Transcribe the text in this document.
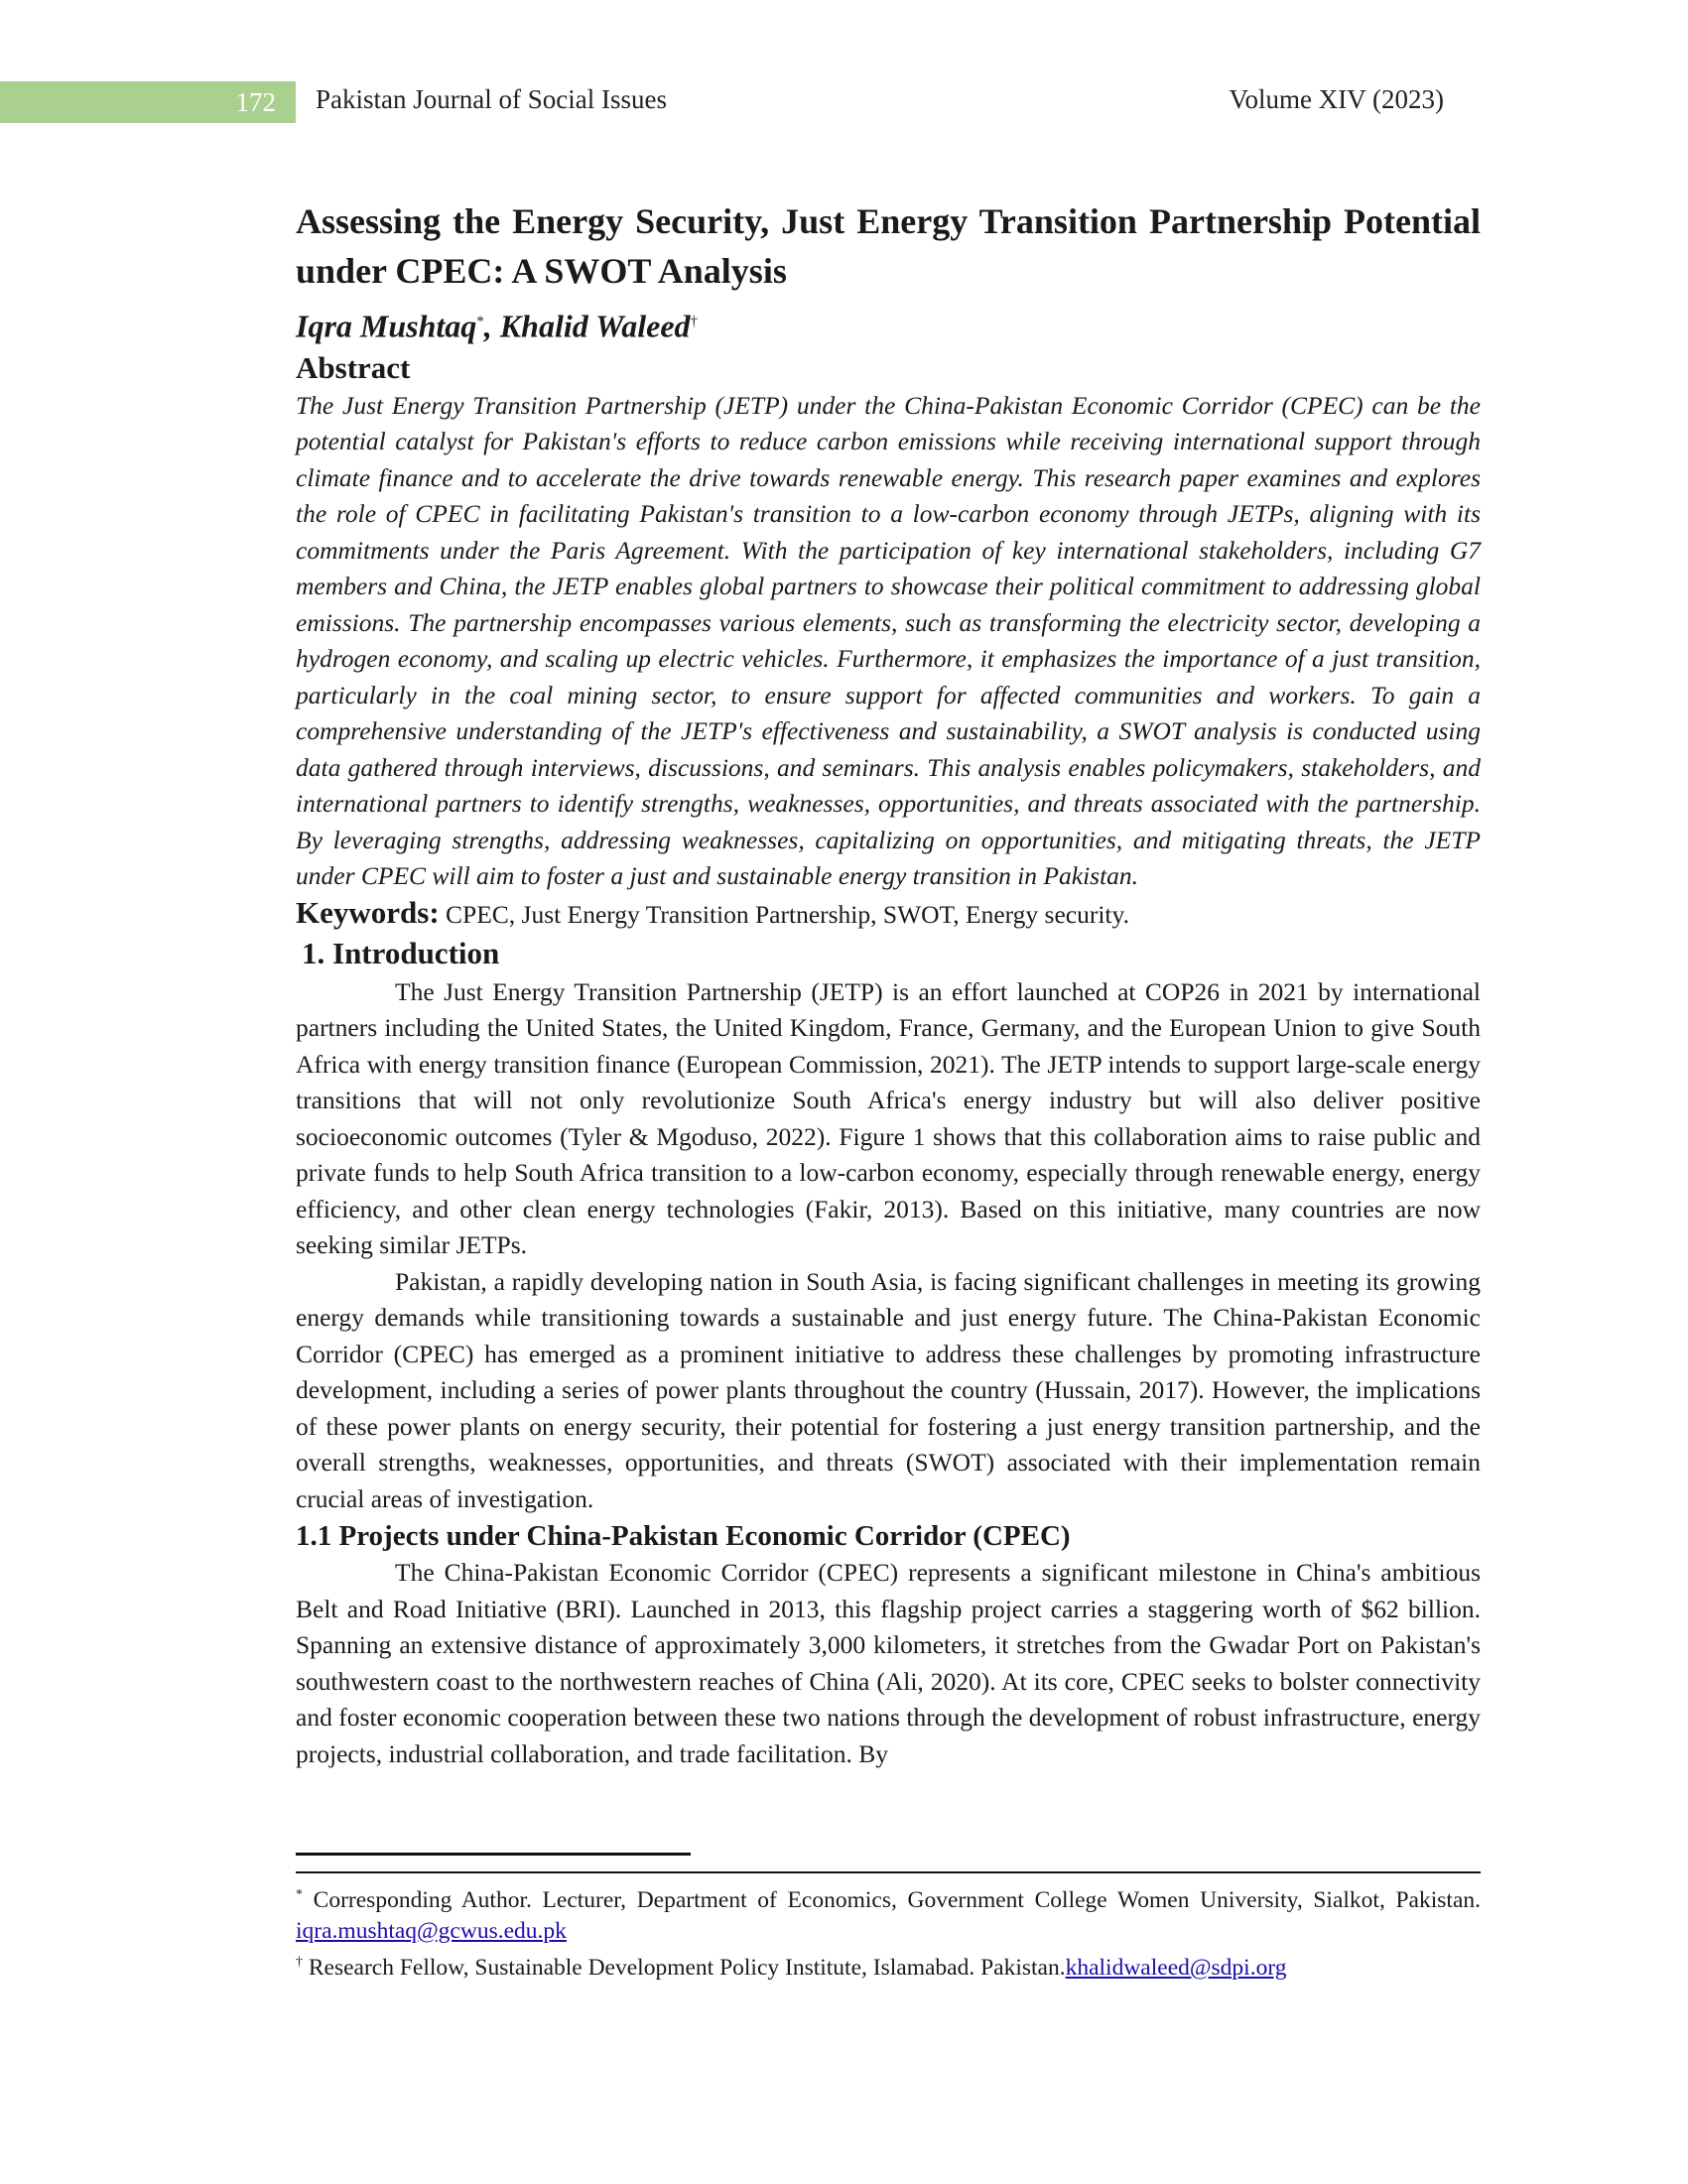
172	Pakistan Journal of Social Issues	Volume XIV (2023)
Assessing the Energy Security, Just Energy Transition Partnership Potential under CPEC: A SWOT Analysis

Iqra Mushtaq*, Khalid Waleed†

Abstract

The Just Energy Transition Partnership (JETP) under the China-Pakistan Economic Corridor (CPEC) can be the potential catalyst for Pakistan's efforts to reduce carbon emissions while receiving international support through climate finance and to accelerate the drive towards renewable energy. This research paper examines and explores the role of CPEC in facilitating Pakistan's transition to a low-carbon economy through JETPs, aligning with its commitments under the Paris Agreement. With the participation of key international stakeholders, including G7 members and China, the JETP enables global partners to showcase their political commitment to addressing global emissions. The partnership encompasses various elements, such as transforming the electricity sector, developing a hydrogen economy, and scaling up electric vehicles. Furthermore, it emphasizes the importance of a just transition, particularly in the coal mining sector, to ensure support for affected communities and workers. To gain a comprehensive understanding of the JETP's effectiveness and sustainability, a SWOT analysis is conducted using data gathered through interviews, discussions, and seminars. This analysis enables policymakers, stakeholders, and international partners to identify strengths, weaknesses, opportunities, and threats associated with the partnership. By leveraging strengths, addressing weaknesses, capitalizing on opportunities, and mitigating threats, the JETP under CPEC will aim to foster a just and sustainable energy transition in Pakistan.

Keywords: CPEC, Just Energy Transition Partnership, SWOT, Energy security.

1. Introduction

The Just Energy Transition Partnership (JETP) is an effort launched at COP26 in 2021 by international partners including the United States, the United Kingdom, France, Germany, and the European Union to give South Africa with energy transition finance (European Commission, 2021). The JETP intends to support large-scale energy transitions that will not only revolutionize South Africa's energy industry but will also deliver positive socioeconomic outcomes (Tyler & Mgoduso, 2022). Figure 1 shows that this collaboration aims to raise public and private funds to help South Africa transition to a low-carbon economy, especially through renewable energy, energy efficiency, and other clean energy technologies (Fakir, 2013). Based on this initiative, many countries are now seeking similar JETPs.

Pakistan, a rapidly developing nation in South Asia, is facing significant challenges in meeting its growing energy demands while transitioning towards a sustainable and just energy future. The China-Pakistan Economic Corridor (CPEC) has emerged as a prominent initiative to address these challenges by promoting infrastructure development, including a series of power plants throughout the country (Hussain, 2017). However, the implications of these power plants on energy security, their potential for fostering a just energy transition partnership, and the overall strengths, weaknesses, opportunities, and threats (SWOT) associated with their implementation remain crucial areas of investigation.

1.1 Projects under China-Pakistan Economic Corridor (CPEC)

The China-Pakistan Economic Corridor (CPEC) represents a significant milestone in China's ambitious Belt and Road Initiative (BRI). Launched in 2013, this flagship project carries a staggering worth of $62 billion. Spanning an extensive distance of approximately 3,000 kilometers, it stretches from the Gwadar Port on Pakistan's southwestern coast to the northwestern reaches of China (Ali, 2020). At its core, CPEC seeks to bolster connectivity and foster economic cooperation between these two nations through the development of robust infrastructure, energy projects, industrial collaboration, and trade facilitation. By

* Corresponding Author. Lecturer, Department of Economics, Government College Women University, Sialkot, Pakistan. iqra.mushtaq@gcwus.edu.pk

† Research Fellow, Sustainable Development Policy Institute, Islamabad. Pakistan.khalidwaleed@sdpi.org
